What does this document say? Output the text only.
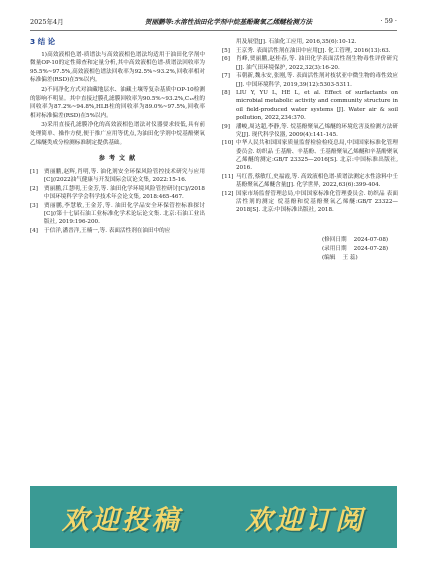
2025年4月	贺丽鹏等:水溶性油田化学剂中烷基酚聚氧乙烯醚检测方法	· 59 ·
3 结 论

1)高效液相色谱-质谱法与高效液相色谱法均适用于油田化学剂中微量OP-10的定性筛查和定量分析,其中高效液相色谱-质谱法回收率为95.5%~97.5%,高效液相色谱法回收率为92.5%~93.2%,回收率相对标准偏差(RSD)在5%以内。

2)不同净化方式对油藏地层水、油藏土壤等复杂基质中OP-10检测的影响不明显。其中直接过膜孔滤膜回收率为90.5%~93.2%,C₁₈柱的回收率为87.2%~94.8%,HLB柱的回收率为89.0%~97.5%,回收率相对标准偏差(RSD)在5%以内。

3)采用直接孔滤膜净化的高效液相色谱法对仪器要求较低,具有前处理简单、操作方便,便于推广应用等优点,为油田化学剂中烷基酚聚氧乙烯醚类成分检测标准制定提供基础。

参 考 文 献
[1]	贾丽鹏,赵辉,肖明,等. 油化剂安全环保风险管控技术研究与应用[C]//2022油气健康与开发国际会议论文集, 2022:15-16.
[2]	贾丽鹏,江慧明,王金芳,等. 油田化学环境风险管控研讨[C]//2018中国环境科学学会科学技术年会论文集, 2018:465-467.
[3]	贾丽鹏,李慧敏,王金芳,等. 油田化学品安全环保管控标准探讨[C]//第十七届石油工业标准化学术论坛论文集. 北京:石油工业出版社, 2019:196-200.
[4]	于信洋,潘晋洋,王楠一,等. 表面活性剂在油田中的应
用及展望[J]. 石油化工应用, 2016,35(6):10-12.
[5]	王京秀. 表面活性剂在油田中应用[J]. 化工管理, 2016(13):63.
[6]	肖峰,贾丽鹏,赵桂春,等. 油田化学表面活性剂生物毒性评价研究[J]. 油气田环境保护, 2022,32(3):16-20.
[7]	韦朝新,魏永安,张刚,等. 表面活性剂对枝状亚中微生物的毒性效应[J]. 中国环境科学, 2019,39(12):5303-5311.
[8]	LIU Y, YU L, HE L, et al. Effect of surfactants on microbial metabolic activity and community structure in oil field-produced water systems [J]. Water air & soil pollution, 2022,234:370.
[9]	潘峻,周达超,李静,等. 烷基酚聚氧乙烯醚的环境危害及检测方法研究[J]. 现代科学仪器, 2009(4):141-145.
[10] 中华人民共和国国家质量监督检验检疫总局,中国国家标准化管理委员会. 纺织品 壬基酚、辛基酚、壬基酚聚氧乙烯醚和辛基酚聚氧乙烯醚的测定:GB/T 23325—2016[S]. 北京:中国标准出版社, 2016.
[11] 马红普,蔡敏红,史福霞,等. 高效液相色谱-质谱法测定水性涂料中壬基酚聚氧乙烯醚含量[J]. 化学世界, 2022,63(6):399-404.
[12] 国家市场监督管理总局,中国国家标准化管理委员会. 纺织品 表面活性剂的测定 烷基酚和烷基酚聚氧乙烯醚:GB/T 23322—2018[S]. 北京:中国标准出版社, 2018.
(修回日期    2024-07-08)
(录用日期    2024-07-28)
(编辑    王 蕊)
欢迎投稿 欢迎订阅
